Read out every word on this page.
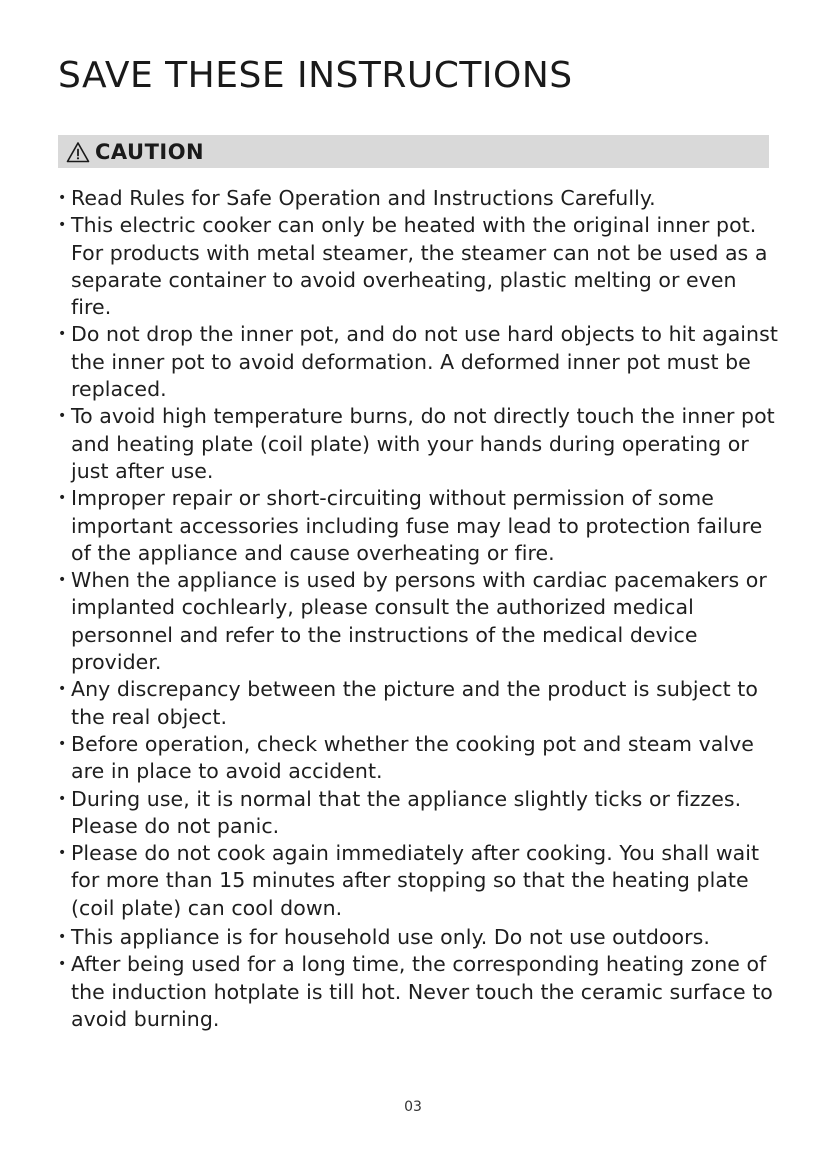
SAVE THESE INSTRUCTIONS
CAUTION
• Read Rules for Safe Operation and Instructions Carefully.
• This electric cooker can only be heated with the original inner pot. For products with metal steamer, the steamer can not be used as a separate container to avoid overheating, plastic melting or even fire.
• Do not drop the inner pot, and do not use hard objects to hit against the inner pot to avoid deformation. A deformed inner pot must be replaced.
• To avoid high temperature burns, do not directly touch the inner pot and heating plate (coil plate) with your hands during operating or just after use.
• Improper repair or short-circuiting without permission of some important accessories including fuse may lead to protection failure of the appliance and cause overheating or fire.
• When the appliance is used by persons with cardiac pacemakers or implanted cochlearly, please consult the authorized medical personnel and refer to the instructions of the medical device provider.
• Any discrepancy between the picture and the product is subject to the real object.
• Before operation, check whether the cooking pot and steam valve are in place to avoid accident.
• During use, it is normal that the appliance slightly ticks or fizzes. Please do not panic.
• Please do not cook again immediately after cooking. You shall wait for more than 15 minutes after stopping so that the heating plate (coil plate) can cool down.
• This appliance is for household use only. Do not use outdoors.
• After being used for a long time, the corresponding heating zone of the induction hotplate is till hot. Never touch the ceramic surface to avoid burning.
03
